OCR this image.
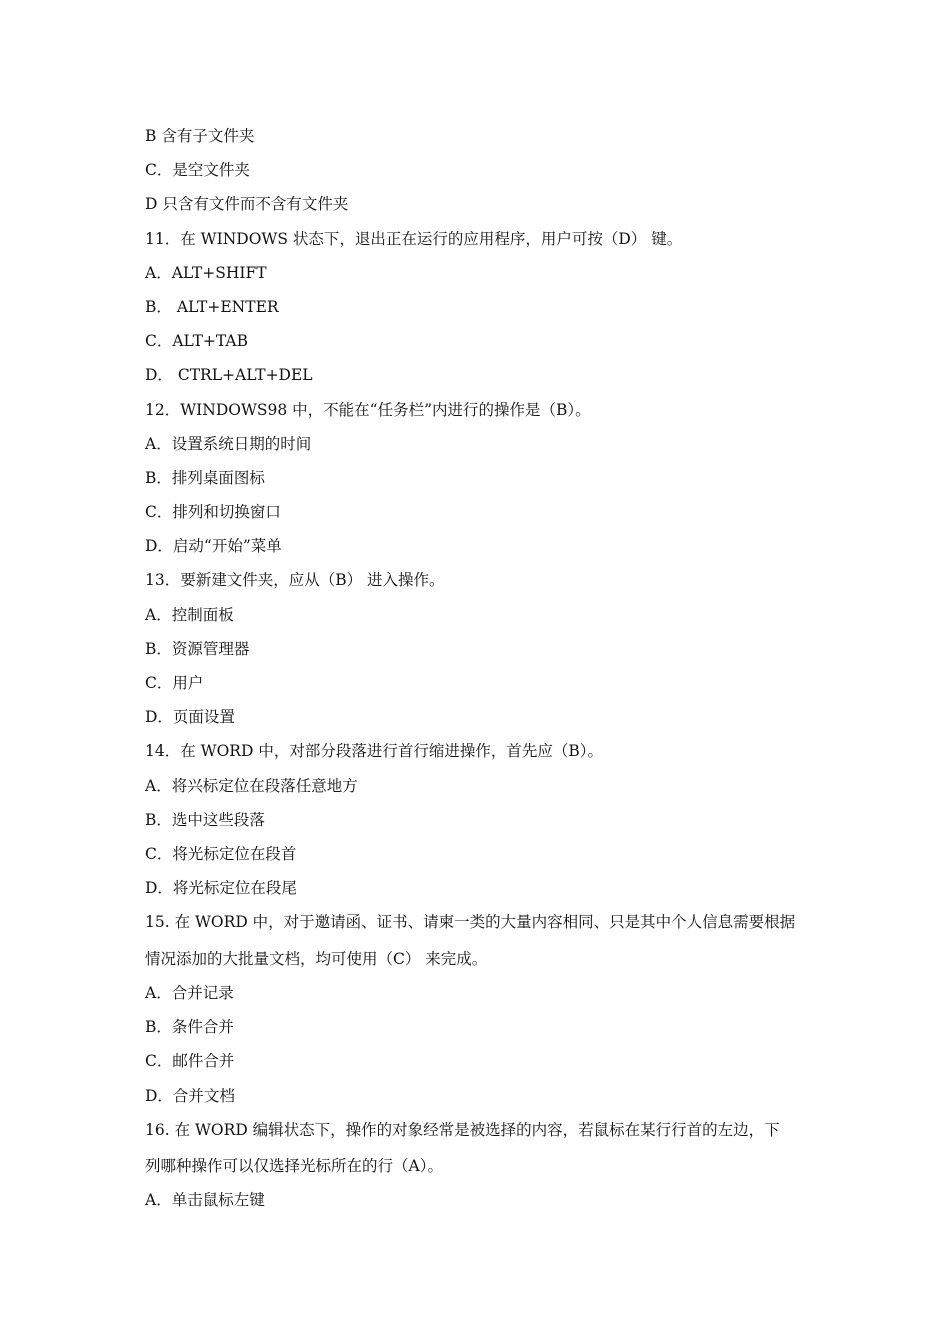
B 含有子文件夹
C．是空文件夹
D 只含有文件而不含有文件夹
11．在 WINDOWS 状态下，退出正在运行的应用程序，用户可按（D） 键。
A．ALT+SHIFT
B． ALT+ENTER
C．ALT+TAB
D． CTRL+ALT+DEL
12．WINDOWS98 中，不能在“任务栏”内进行的操作是（B）。
A．设置系统日期的时间
B．排列桌面图标
C．排列和切换窗口
D．启动“开始”菜单
13．要新建文件夹，应从（B） 进入操作。
A．控制面板
B．资源管理器
C．用户
D．页面设置
14．在 WORD 中，对部分段落进行首行缩进操作，首先应（B）。
A．将兴标定位在段落任意地方
B．选中这些段落
C．将光标定位在段首
D．将光标定位在段尾
15. 在 WORD 中，对于邀请函、证书、请柬一类的大量内容相同、只是其中个人信息需要根据
情况添加的大批量文档，均可使用（C） 来完成。
A．合并记录
B．条件合并
C．邮件合并
D．合并文档
16. 在 WORD 编辑状态下，操作的对象经常是被选择的内容，若鼠标在某行行首的左边，下
列哪种操作可以仅选择光标所在的行（A）。
A．单击鼠标左键
